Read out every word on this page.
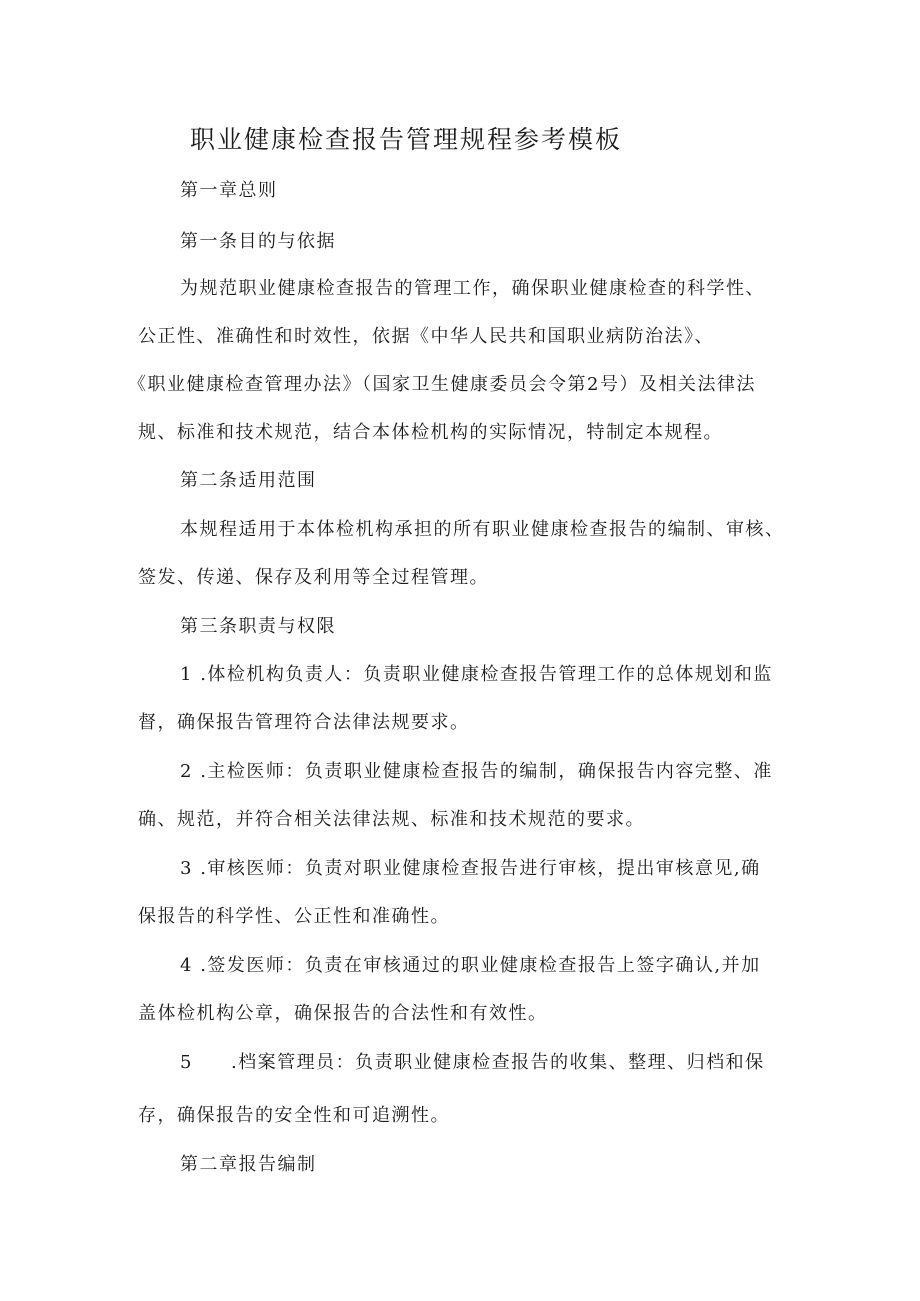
职业健康检查报告管理规程参考模板
第一章总则
第一条目的与依据
为规范职业健康检查报告的管理工作，确保职业健康检查的科学性、
公正性、准确性和时效性，依据《中华人民共和国职业病防治法》、
《职业健康检查管理办法》（国家卫生健康委员会令第2号）及相关法律法
规、标准和技术规范，结合本体检机构的实际情况，特制定本规程。
第二条适用范围
本规程适用于本体检机构承担的所有职业健康检查报告的编制、审核、
签发、传递、保存及利用等全过程管理。
第三条职责与权限
1 .体检机构负责人：负责职业健康检查报告管理工作的总体规划和监
督，确保报告管理符合法律法规要求。
2 .主检医师：负责职业健康检查报告的编制，确保报告内容完整、准
确、规范，并符合相关法律法规、标准和技术规范的要求。
3 .审核医师：负责对职业健康检查报告进行审核，提出审核意见,确
保报告的科学性、公正性和准确性。
4 .签发医师：负责在审核通过的职业健康检查报告上签字确认,并加
盖体检机构公章，确保报告的合法性和有效性。
5 .档案管理员：负责职业健康检查报告的收集、整理、归档和保
存，确保报告的安全性和可追溯性。
第二章报告编制
